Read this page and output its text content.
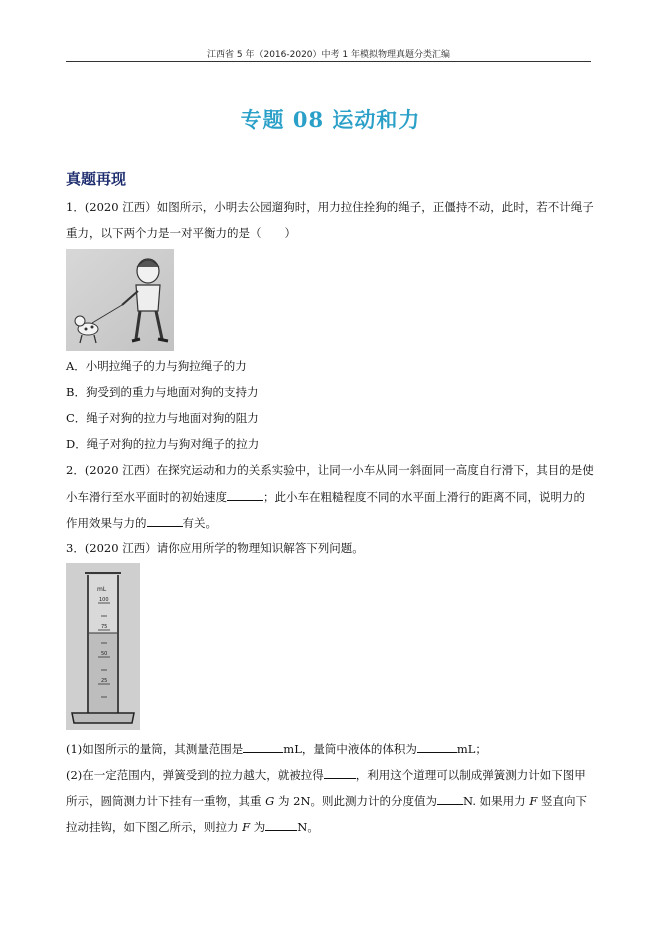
江西省 5 年（2016-2020）中考 1 年模拟物理真题分类汇编
专题 08 运动和力
真题再现
1．(2020 江西）如图所示，小明去公园遛狗时，用力拉住拴狗的绳子，正僵持不动，此时，若不计绳子
重力，以下两个力是一对平衡力的是（　　）
A．小明拉绳子的力与狗拉绳子的力
B．狗受到的重力与地面对狗的支持力
C．绳子对狗的拉力与地面对狗的阻力
D．绳子对狗的拉力与狗对绳子的拉力
2．(2020 江西）在探究运动和力的关系实验中，让同一小车从同一斜面同一高度自行滑下，其目的是使
小车滑行至水平面时的初始速度	；此小车在粗糙程度不同的水平面上滑行的距离不同，说明力的
作用效果与力的	有关。
3．(2020 江西）请你应用所学的物理知识解答下列问题。
mL
100
75
50
25
(1)如图所示的量筒，其测量范围是	mL，量筒中液体的体积为	mL；
(2)在一定范围内，弹簧受到的拉力越大，就被拉得	，利用这个道理可以制成弹簧测力计如下图甲
所示，圆筒测力计下挂有一重物，其重 G 为 2N。则此测力计的分度值为 N. 如果用力 F 竖直向下
拉动挂钩，如下图乙所示，则拉力 F 为	N。
